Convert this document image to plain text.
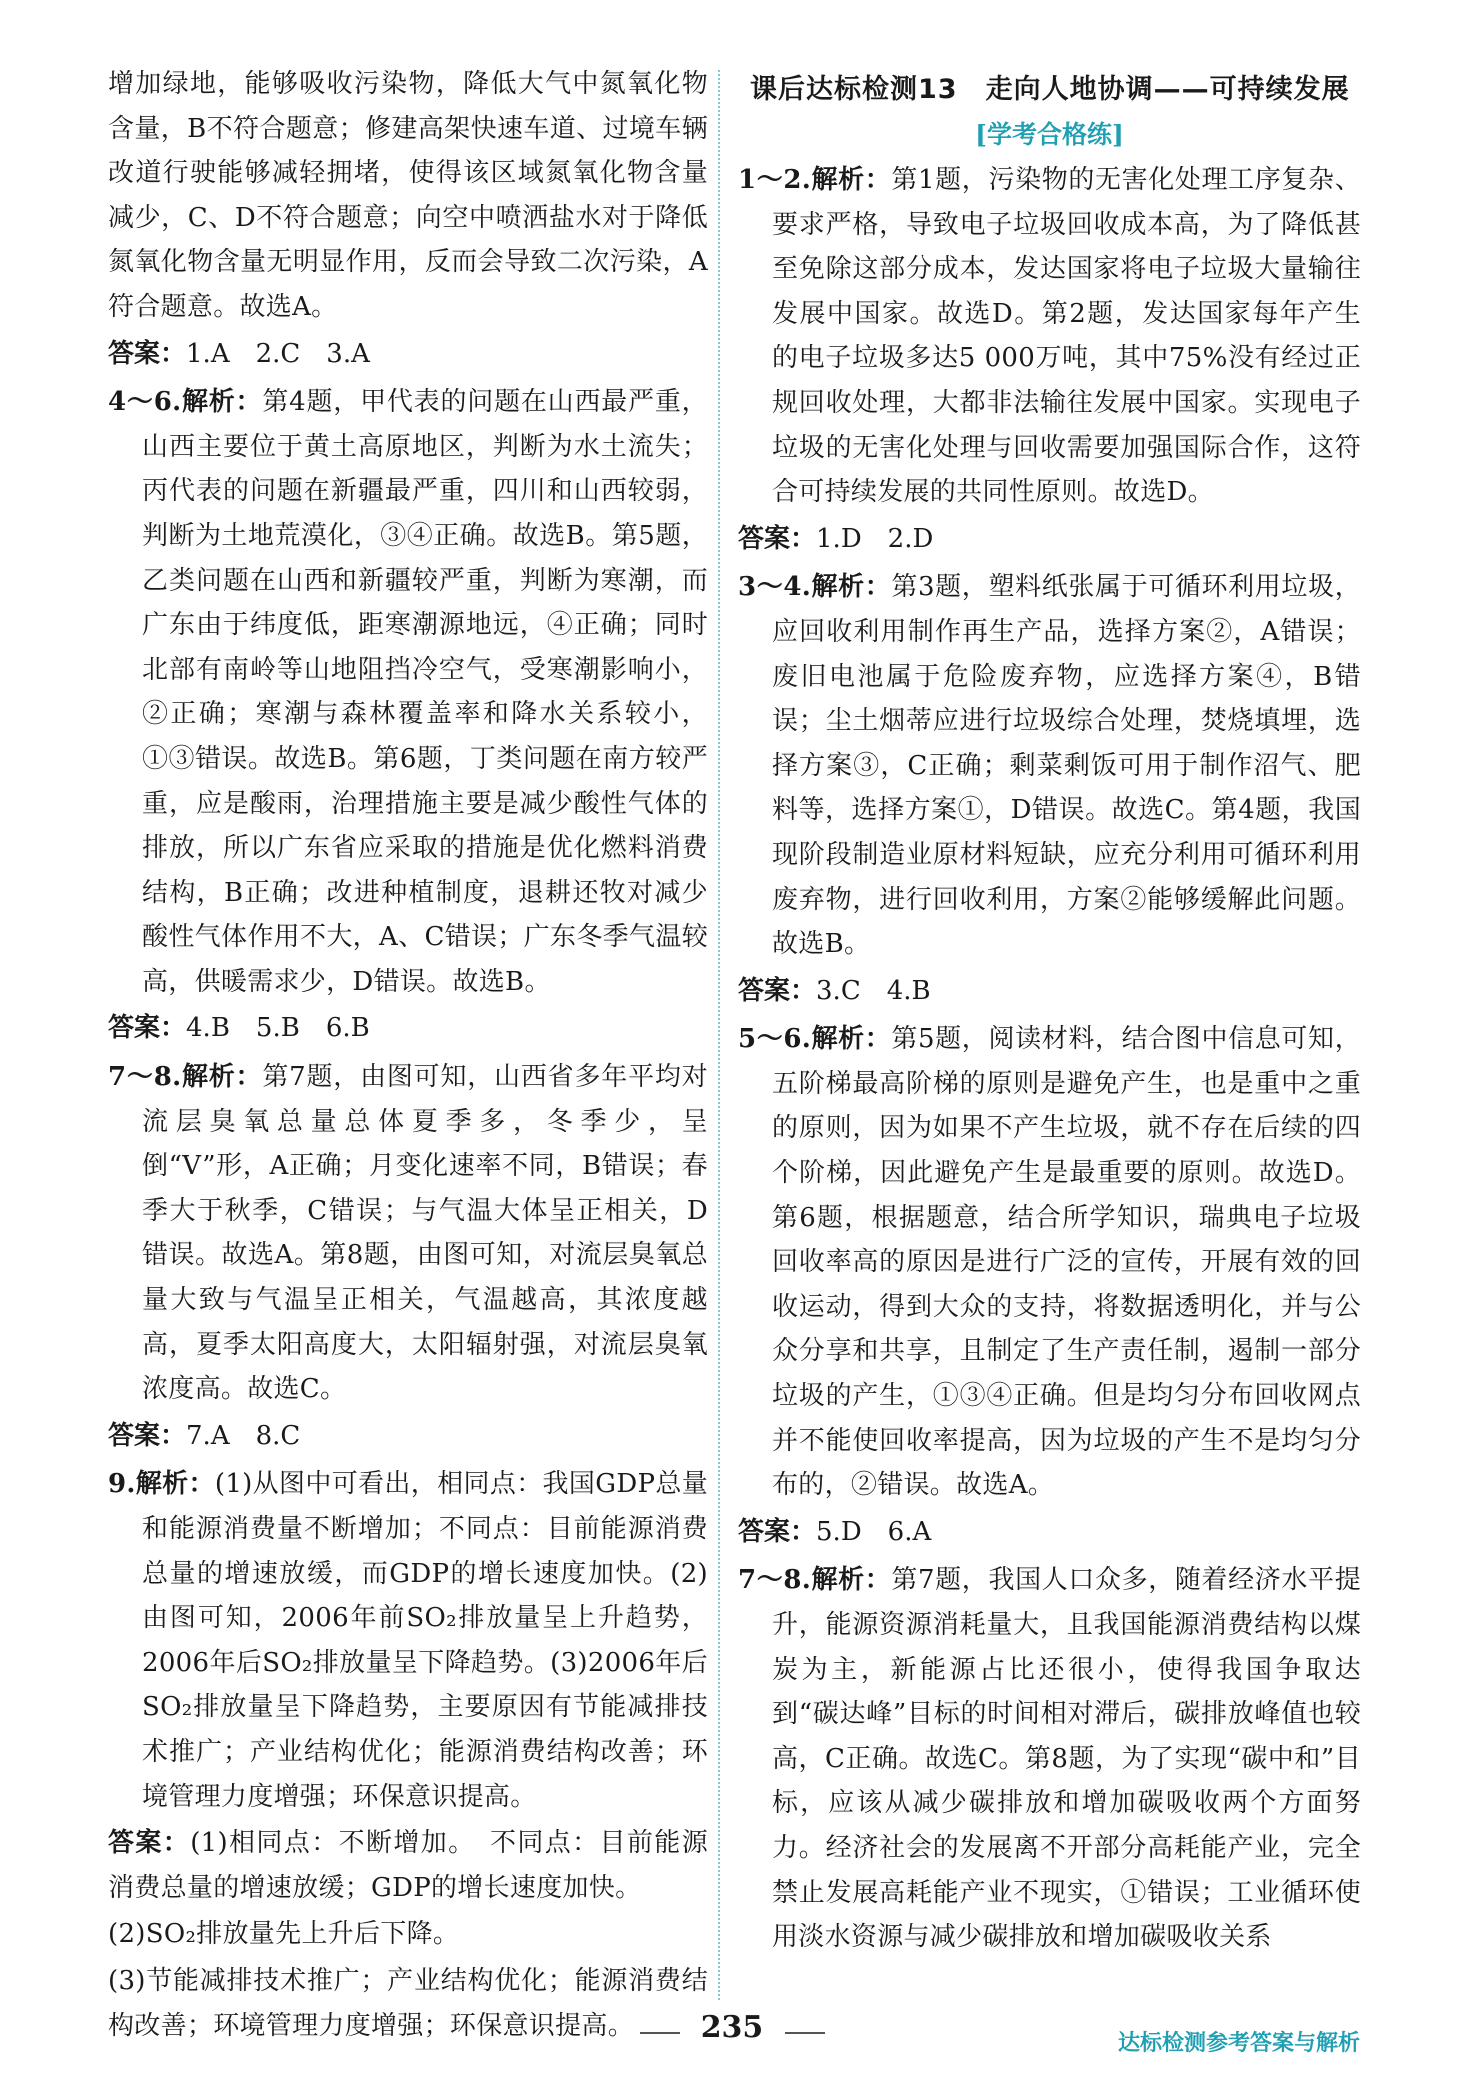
增加绿地，能够吸收污染物，降低大气中氮氧化物含量，B不符合题意；修建高架快速车道、过境车辆改道行驶能够减轻拥堵，使得该区域氮氧化物含量减少，C、D不符合题意；向空中喷洒盐水对于降低氮氧化物含量无明显作用，反而会导致二次污染，A符合题意。故选A。

答案：1.A　2.C　3.A

4～6.解析：第4题，甲代表的问题在山西最严重，山西主要位于黄土高原地区，判断为水土流失；丙代表的问题在新疆最严重，四川和山西较弱，判断为土地荒漠化，③④正确。故选B。第5题，乙类问题在山西和新疆较严重，判断为寒潮，而广东由于纬度低，距寒潮源地远，④正确；同时北部有南岭等山地阻挡冷空气，受寒潮影响小，②正确；寒潮与森林覆盖率和降水关系较小，①③错误。故选B。第6题，丁类问题在南方较严重，应是酸雨，治理措施主要是减少酸性气体的排放，所以广东省应采取的措施是优化燃料消费结构，B正确；改进种植制度，退耕还牧对减少酸性气体作用不大，A、C错误；广东冬季气温较高，供暖需求少，D错误。故选B。

答案：4.B　5.B　6.B

7～8.解析：第7题，由图可知，山西省多年平均对流层臭氧总量总体夏季多，冬季少，呈倒“V”形，A正确；月变化速率不同，B错误；春季大于秋季，C错误；与气温大体呈正相关，D错误。故选A。第8题，由图可知，对流层臭氧总量大致与气温呈正相关，气温越高，其浓度越高，夏季太阳高度大，太阳辐射强，对流层臭氧浓度高。故选C。

答案：7.A　8.C

9.解析：(1)从图中可看出，相同点：我国GDP总量和能源消费量不断增加；不同点：目前能源消费总量的增速放缓，而GDP的增长速度加快。(2)由图可知，2006年前SO₂排放量呈上升趋势，2006年后SO₂排放量呈下降趋势。(3)2006年后SO₂排放量呈下降趋势，主要原因有节能减排技术推广；产业结构优化；能源消费结构改善；环境管理力度增强；环保意识提高。

答案：(1)相同点：不断增加。　不同点：目前能源消费总量的增速放缓；GDP的增长速度加快。

(2)SO₂排放量先上升后下降。

(3)节能减排技术推广；产业结构优化；能源消费结构改善；环境管理力度增强；环保意识提高。

课后达标检测13　走向人地协调——可持续发展
[学考合格练]

1～2.解析：第1题，污染物的无害化处理工序复杂、要求严格，导致电子垃圾回收成本高，为了降低甚至免除这部分成本，发达国家将电子垃圾大量输往发展中国家。故选D。第2题，发达国家每年产生的电子垃圾多达5 000万吨，其中75%没有经过正规回收处理，大都非法输往发展中国家。实现电子垃圾的无害化处理与回收需要加强国际合作，这符合可持续发展的共同性原则。故选D。

答案：1.D　2.D

3～4.解析：第3题，塑料纸张属于可循环利用垃圾，应回收利用制作再生产品，选择方案②，A错误；废旧电池属于危险废弃物，应选择方案④，B错误；尘土烟蒂应进行垃圾综合处理，焚烧填埋，选择方案③，C正确；剩菜剩饭可用于制作沼气、肥料等，选择方案①，D错误。故选C。第4题，我国现阶段制造业原材料短缺，应充分利用可循环利用废弃物，进行回收利用，方案②能够缓解此问题。故选B。

答案：3.C　4.B

5～6.解析：第5题，阅读材料，结合图中信息可知，五阶梯最高阶梯的原则是避免产生，也是重中之重的原则，因为如果不产生垃圾，就不存在后续的四个阶梯，因此避免产生是最重要的原则。故选D。第6题，根据题意，结合所学知识，瑞典电子垃圾回收率高的原因是进行广泛的宣传，开展有效的回收运动，得到大众的支持，将数据透明化，并与公众分享和共享，且制定了生产责任制，遏制一部分垃圾的产生，①③④正确。但是均匀分布回收网点并不能使回收率提高，因为垃圾的产生不是均匀分布的，②错误。故选A。

答案：5.D　6.A

7～8.解析：第7题，我国人口众多，随着经济水平提升，能源资源消耗量大，且我国能源消费结构以煤炭为主，新能源占比还很小，使得我国争取达到“碳达峰”目标的时间相对滞后，碳排放峰值也较高，C正确。故选C。第8题，为了实现“碳中和”目标，应该从减少碳排放和增加碳吸收两个方面努力。经济社会的发展离不开部分高耗能产业，完全禁止发展高耗能产业不现实，①错误；工业循环使用淡水资源与减少碳排放和增加碳吸收关系

235	达标检测参考答案与解析
